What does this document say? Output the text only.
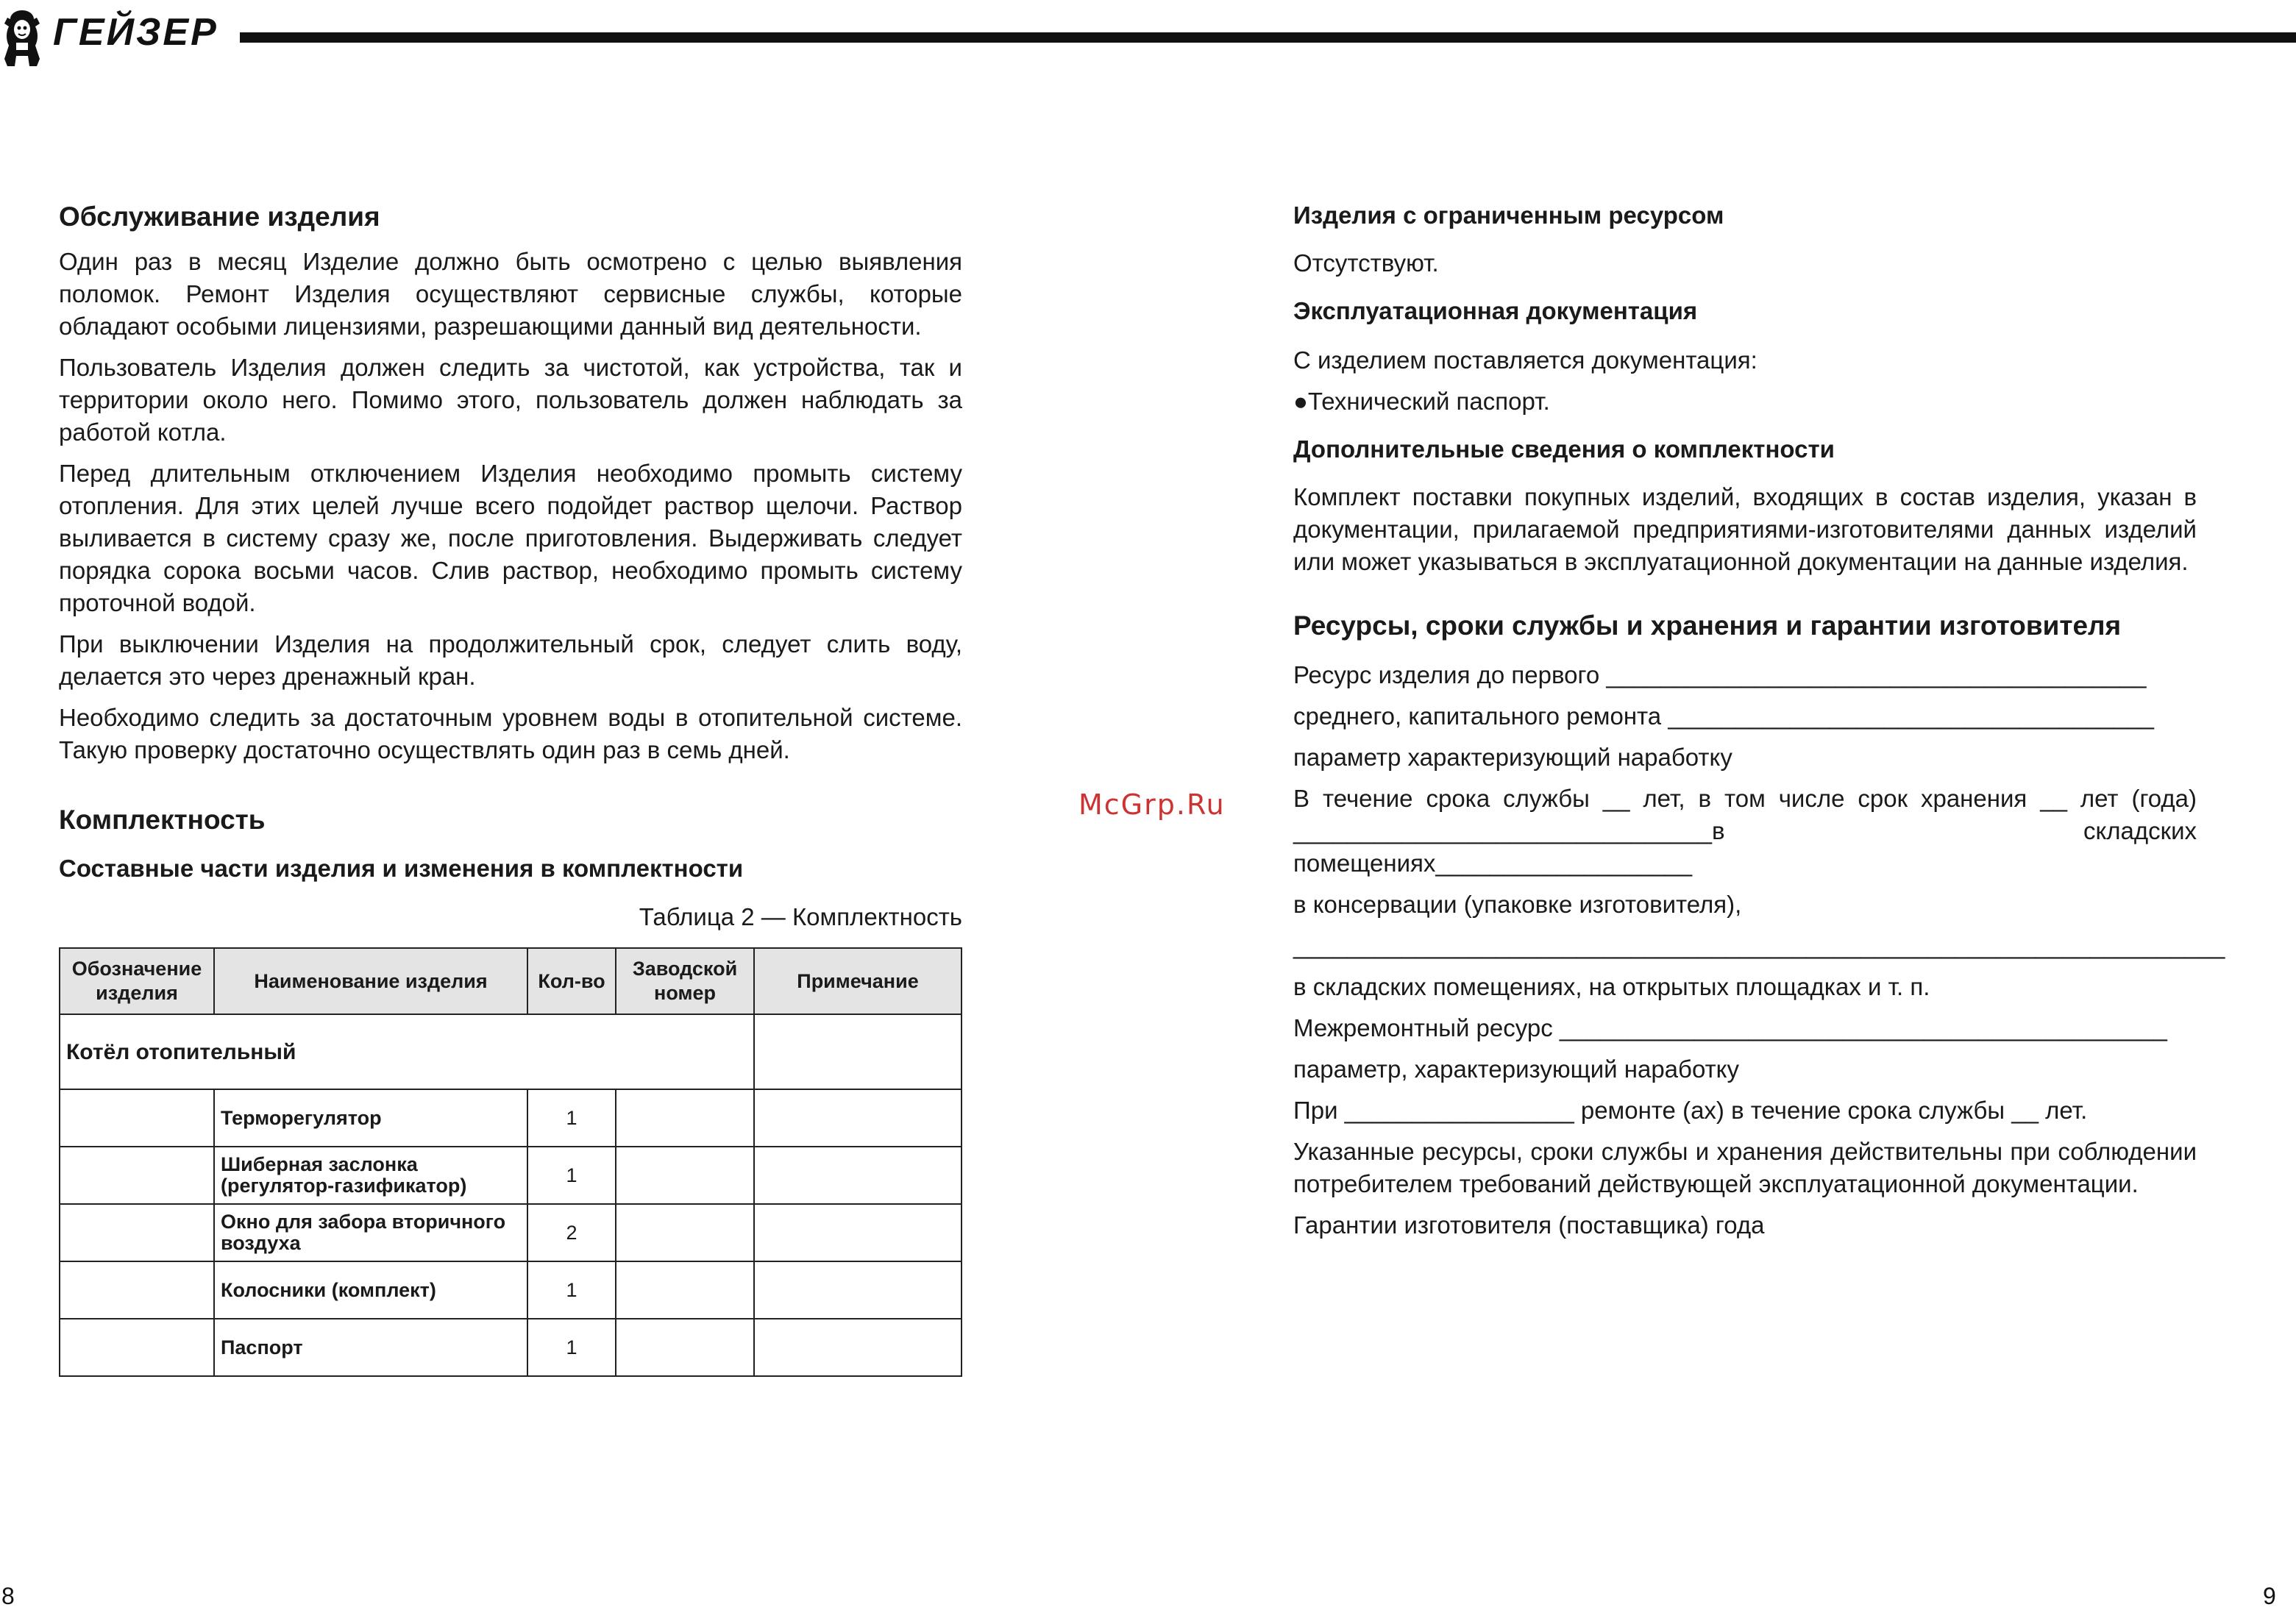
ГЕЙЗЕР
Обслуживание изделия

Один раз в месяц Изделие должно быть осмотрено с целью выявления поломок. Ремонт Изделия осуществляют сервисные службы, которые обладают особыми лицензиями, разрешающими данный вид деятельности.

Пользователь Изделия должен следить за чистотой, как устройства, так и территории около него. Помимо этого, пользователь должен наблюдать за работой котла.

Перед длительным отключением Изделия необходимо промыть систему отопления. Для этих целей лучше всего подойдет раствор щелочи. Раствор выливается в систему сразу же, после приготовления. Выдерживать следует порядка сорока восьми часов. Слив раствор, необходимо промыть систему проточной водой.

При выключении Изделия на продолжительный срок, следует слить воду, делается это через дренажный кран.

Необходимо следить за достаточным уровнем воды в отопительной системе. Такую проверку достаточно осуществлять один раз в семь дней.

Комплектность
Составные части изделия и изменения в комплектности

Таблица 2 — Комплектность

Обозначение изделия	Наименование изделия	Кол-во	Заводской номер	Примечание
Котёл отопительный				
	Терморегулятор	1		
	Шиберная заслонка (регулятор-газификатор)	1		
	Окно для забора вторичного воздуха	2		
	Колосники (комплект)	1		
	Паспорт	1		
McGrp.Ru
Изделия с ограниченным ресурсом
Отсутствуют.
Эксплуатационная документация
С изделием поставляется документация:
●Технический паспорт.
Дополнительные сведения о комплектности

Комплект поставки покупных изделий, входящих в состав изделия, указан в документации, прилагаемой предприятиями-изготовителями данных изделий или может указываться в эксплуатационной документации на данные изделия.

Ресурсы, сроки службы и хранения и гарантии изготовителя
Ресурс изделия до первого ________________________________________
среднего, капитального ремонта ____________________________________
параметр характеризующий наработку

В течение срока службы __ лет, в том числе срок хранения __ лет (года) _______________________________в складских помещениях___________________

в консервации (упаковке изготовителя),
_____________________________________________________________________
в складских помещениях, на открытых площадках и т. п.
Межремонтный ресурс _____________________________________________
параметр, характеризующий наработку
При _________________ ремонте (ах) в течение срока службы __ лет.

Указанные ресурсы, сроки службы и хранения действительны при соблюдении потребителем требований действующей эксплуатационной документации.

Гарантии изготовителя (поставщика) года
8	9
